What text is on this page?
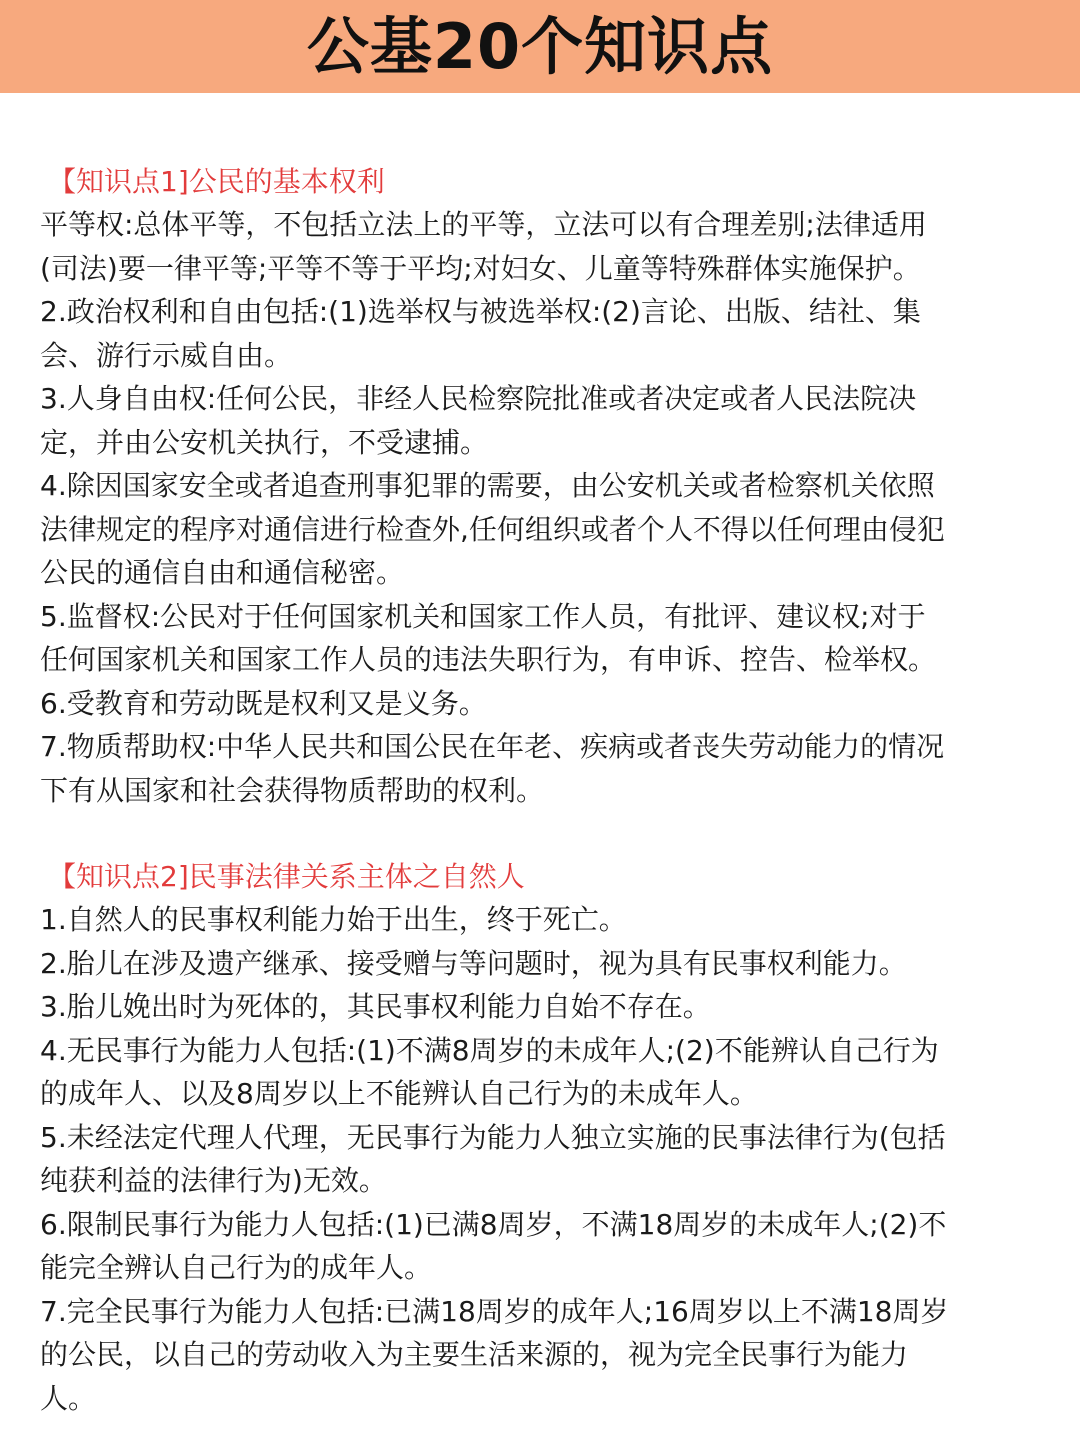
公基20个知识点
【知识点1]公民的基本权利
平等权:总体平等，不包括立法上的平等，立法可以有合理差别;法律适用
(司法)要一律平等;平等不等于平均;对妇女、儿童等特殊群体实施保护。
2.政治权利和自由包括:(1)选举权与被选举权:(2)言论、出版、结社、集
会、游行示威自由。
3.人身自由权:任何公民，非经人民检察院批准或者决定或者人民法院决
定，并由公安机关执行，不受逮捕。
4.除因国家安全或者追查刑事犯罪的需要，由公安机关或者检察机关依照
法律规定的程序对通信进行检查外,任何组织或者个人不得以任何理由侵犯
公民的通信自由和通信秘密。
5.监督权:公民对于任何国家机关和国家工作人员，有批评、建议权;对于
任何国家机关和国家工作人员的违法失职行为，有申诉、控告、检举权。
6.受教育和劳动既是权利又是义务。
7.物质帮助权:中华人民共和国公民在年老、疾病或者丧失劳动能力的情况
下有从国家和社会获得物质帮助的权利。
【知识点2]民事法律关系主体之自然人
1.自然人的民事权利能力始于出生，终于死亡。
2.胎儿在涉及遗产继承、接受赠与等问题时，视为具有民事权利能力。
3.胎儿娩出时为死体的，其民事权利能力自始不存在。
4.无民事行为能力人包括:(1)不满8周岁的未成年人;(2)不能辨认自己行为
的成年人、以及8周岁以上不能辨认自己行为的未成年人。
5.未经法定代理人代理，无民事行为能力人独立实施的民事法律行为(包括
纯获利益的法律行为)无效。
6.限制民事行为能力人包括:(1)已满8周岁，不满18周岁的未成年人;(2)不
能完全辨认自己行为的成年人。
7.完全民事行为能力人包括:已满18周岁的成年人;16周岁以上不满18周岁
的公民，以自己的劳动收入为主要生活来源的，视为完全民事行为能力
人。
